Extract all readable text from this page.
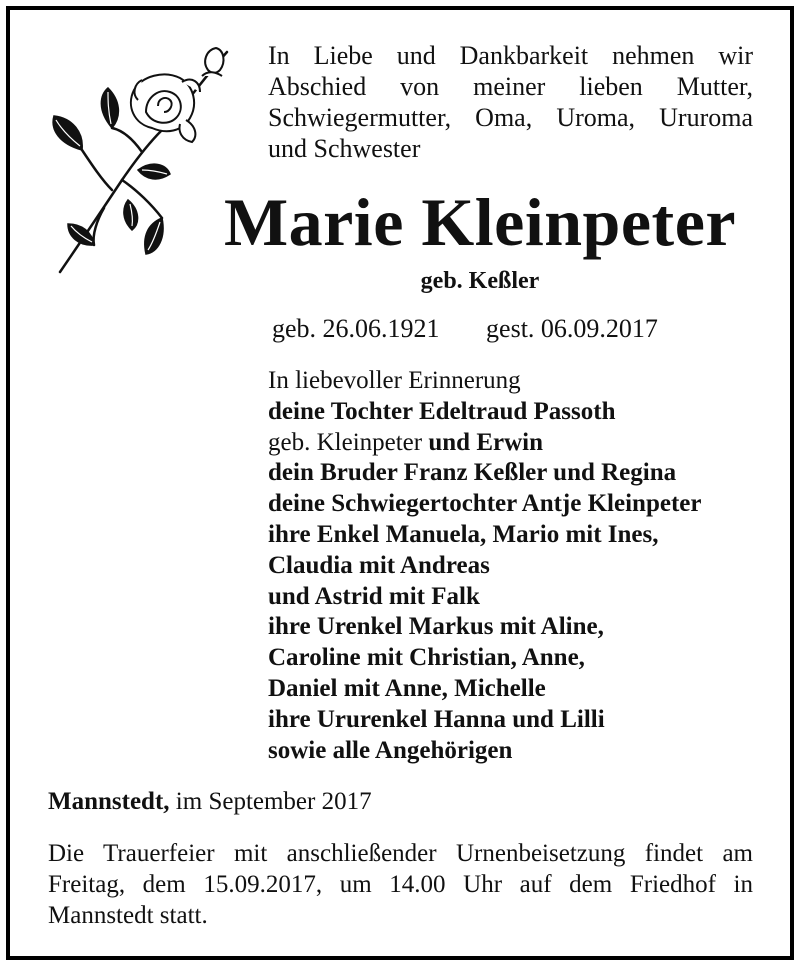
In Liebe und Dankbarkeit nehmen wir
Abschied von meiner lieben Mutter,
Schwiegermutter, Oma, Uroma, Ururoma
und Schwester
Marie Kleinpeter
geb. Keßler
geb. 26.06.1921 gest. 06.09.2017
In liebevoller Erinnerung
deine Tochter Edeltraud Passoth
geb. Kleinpeter und Erwin
dein Bruder Franz Keßler und Regina
deine Schwiegertochter Antje Kleinpeter
ihre Enkel Manuela, Mario mit Ines,
Claudia mit Andreas
und Astrid mit Falk
ihre Urenkel Markus mit Aline,
Caroline mit Christian, Anne,
Daniel mit Anne, Michelle
ihre Ururenkel Hanna und Lilli
sowie alle Angehörigen
Mannstedt, im September 2017
Die Trauerfeier mit anschließender Urnenbeisetzung findet am
Freitag, dem 15.09.2017, um 14.00 Uhr auf dem Friedhof in
Mannstedt statt.
